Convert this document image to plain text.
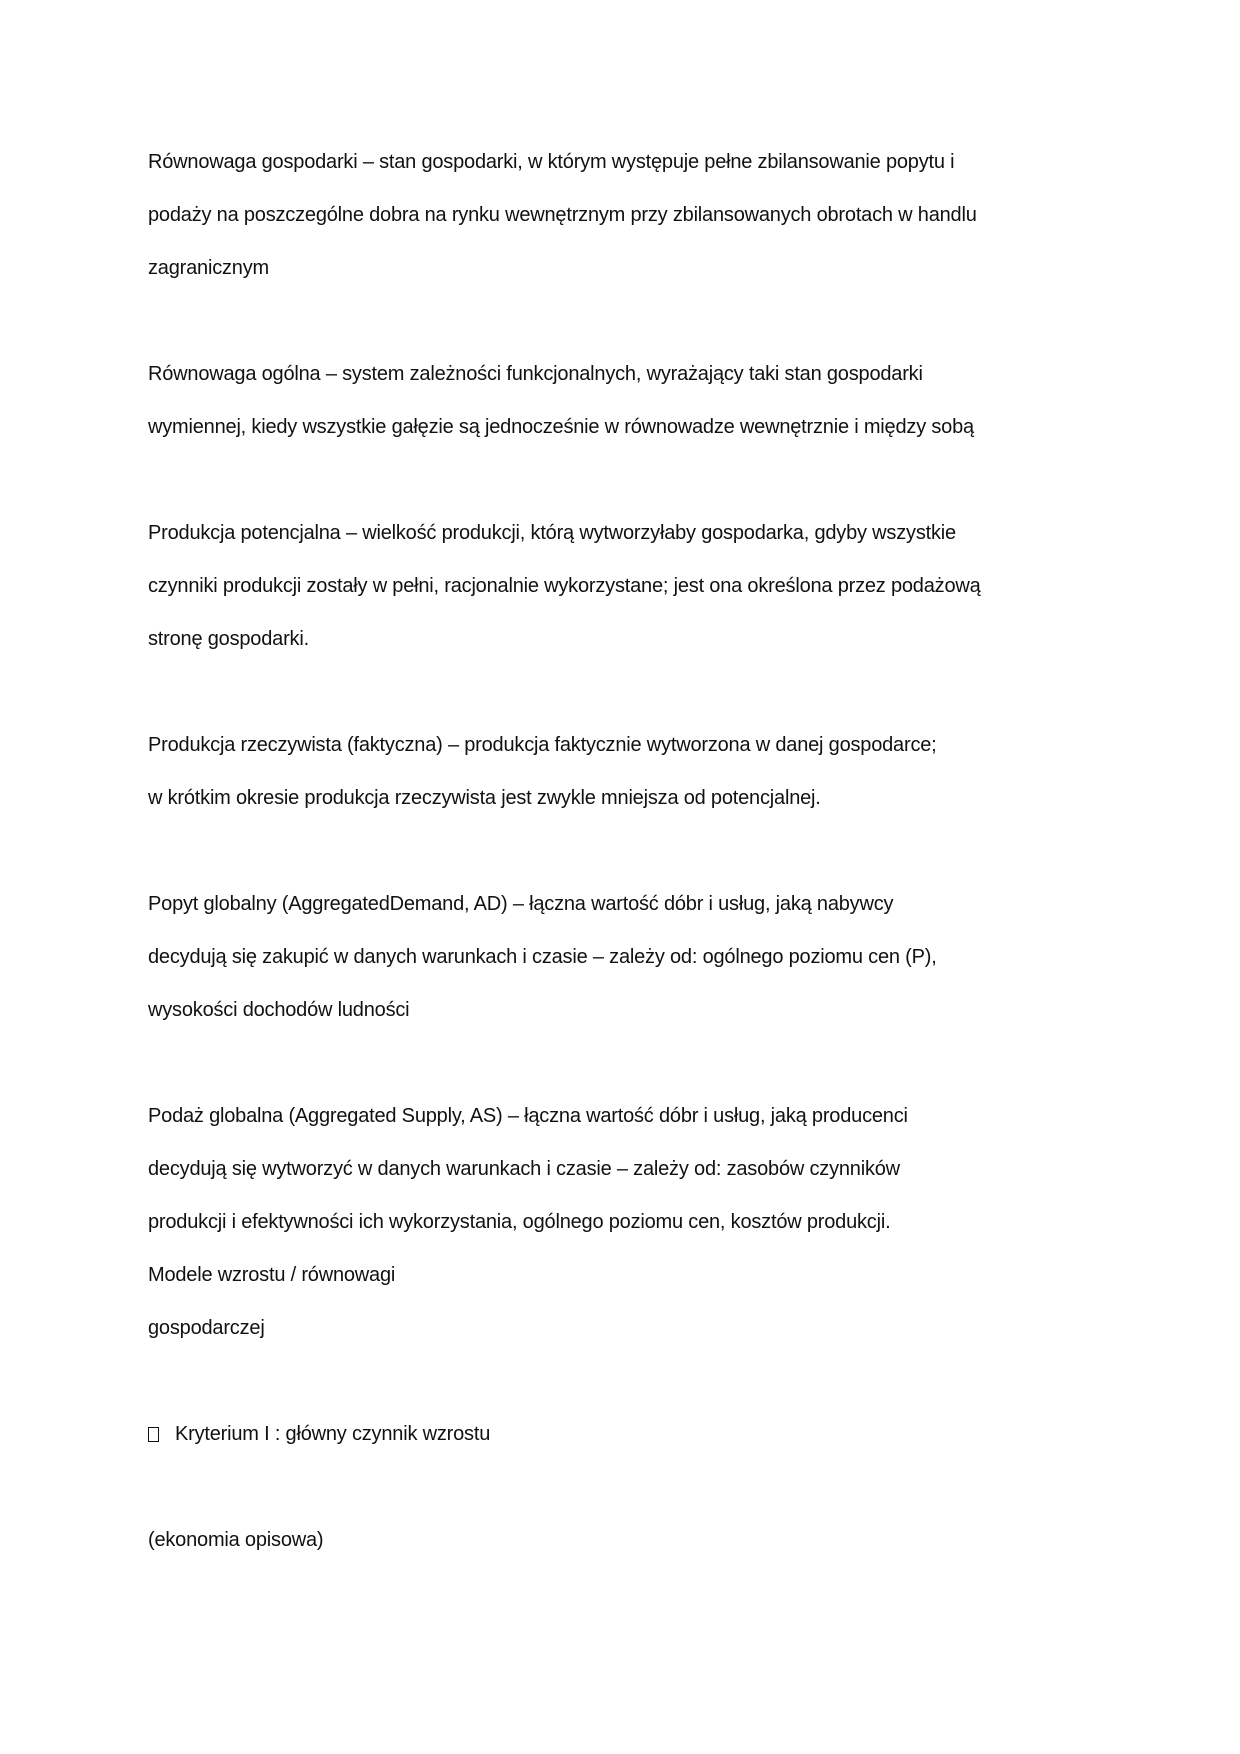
Równowaga gospodarki – stan gospodarki, w którym występuje pełne zbilansowanie popytu i
podaży na poszczególne dobra na rynku wewnętrznym przy zbilansowanych obrotach w handlu
zagranicznym
Równowaga ogólna – system zależności funkcjonalnych, wyrażający taki stan gospodarki
wymiennej, kiedy wszystkie gałęzie są jednocześnie w równowadze wewnętrznie i między sobą
Produkcja potencjalna – wielkość produkcji, którą wytworzyłaby gospodarka, gdyby wszystkie
czynniki produkcji zostały w pełni, racjonalnie wykorzystane; jest ona określona przez podażową
stronę gospodarki.
Produkcja rzeczywista (faktyczna) – produkcja faktycznie wytworzona w danej gospodarce;
w krótkim okresie produkcja rzeczywista jest zwykle mniejsza od potencjalnej.
Popyt globalny (AggregatedDemand, AD) – łączna wartość dóbr i usług, jaką nabywcy
decydują się zakupić w danych warunkach i czasie – zależy od: ogólnego poziomu cen (P),
wysokości dochodów ludności
Podaż globalna (Aggregated Supply, AS) – łączna wartość dóbr i usług, jaką producenci
decydują się wytworzyć w danych warunkach i czasie – zależy od: zasobów czynników
produkcji i efektywności ich wykorzystania, ogólnego poziomu cen, kosztów produkcji.
Modele wzrostu / równowagi
gospodarczej
Kryterium I : główny czynnik wzrostu
(ekonomia opisowa)
